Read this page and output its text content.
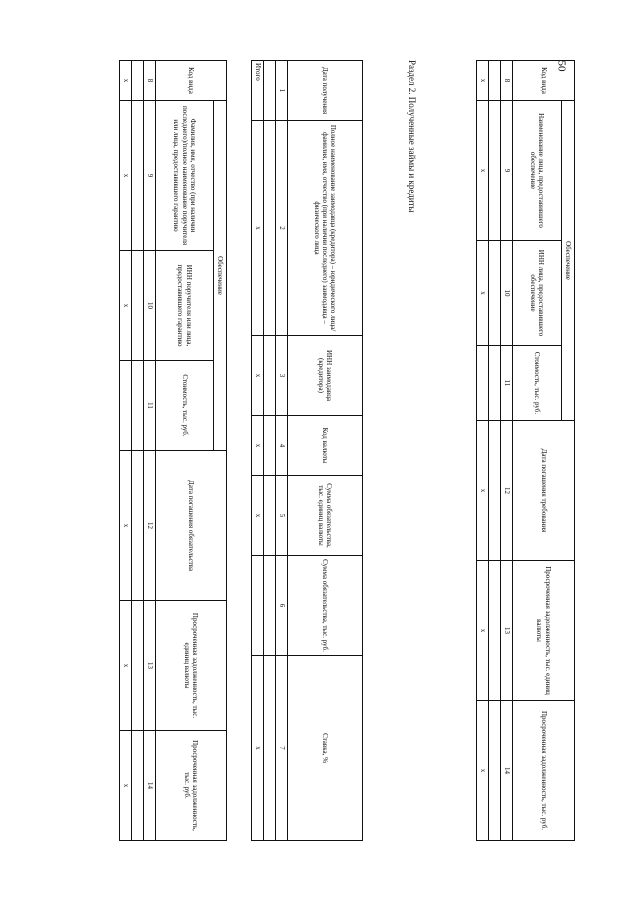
50
Код вида	Обеспечение			Дата погашения требования	Просроченная задолженность, тыс. единиц валюты	Просроченная задолженность, тыс. руб.
	Наименование лица, предоставившего обеспечение	ИНН лица, предоставившего обеспечение	Стоимость, тыс. руб.			
8	9	10	11	12	13	14

х	х	х		х	х	х
Раздел 2. Полученные займы и кредиты
Дата получения	Полное наименование заимодавца (кредитора) – юридического лица/фамилия, имя, отчество (при наличии последнего) заимодавца – физического лица	ИНН заимодавца (кредитора)	Код валюты	Сумма обязательства, тыс. единиц валюты	Сумма обязательства, тыс. руб.	Ставка, %
1	2	3	4	5	6	7

Итого	х	х	х	х		х
Код вида	Обеспечение			Дата погашения обязательства	Просроченная задолженность, тыс. единиц валюты	Просроченная задолженность, тыс. руб.
	Фамилия, имя, отчество (при наличии последнего)/полное наименование поручителя или лица, предоставившего гарантию	ИНН поручителя или лица, предоставившего гарантию	Стоимость, тыс. руб.			
8	9	10	11	12	13	14

х	х	х		х	х	х
